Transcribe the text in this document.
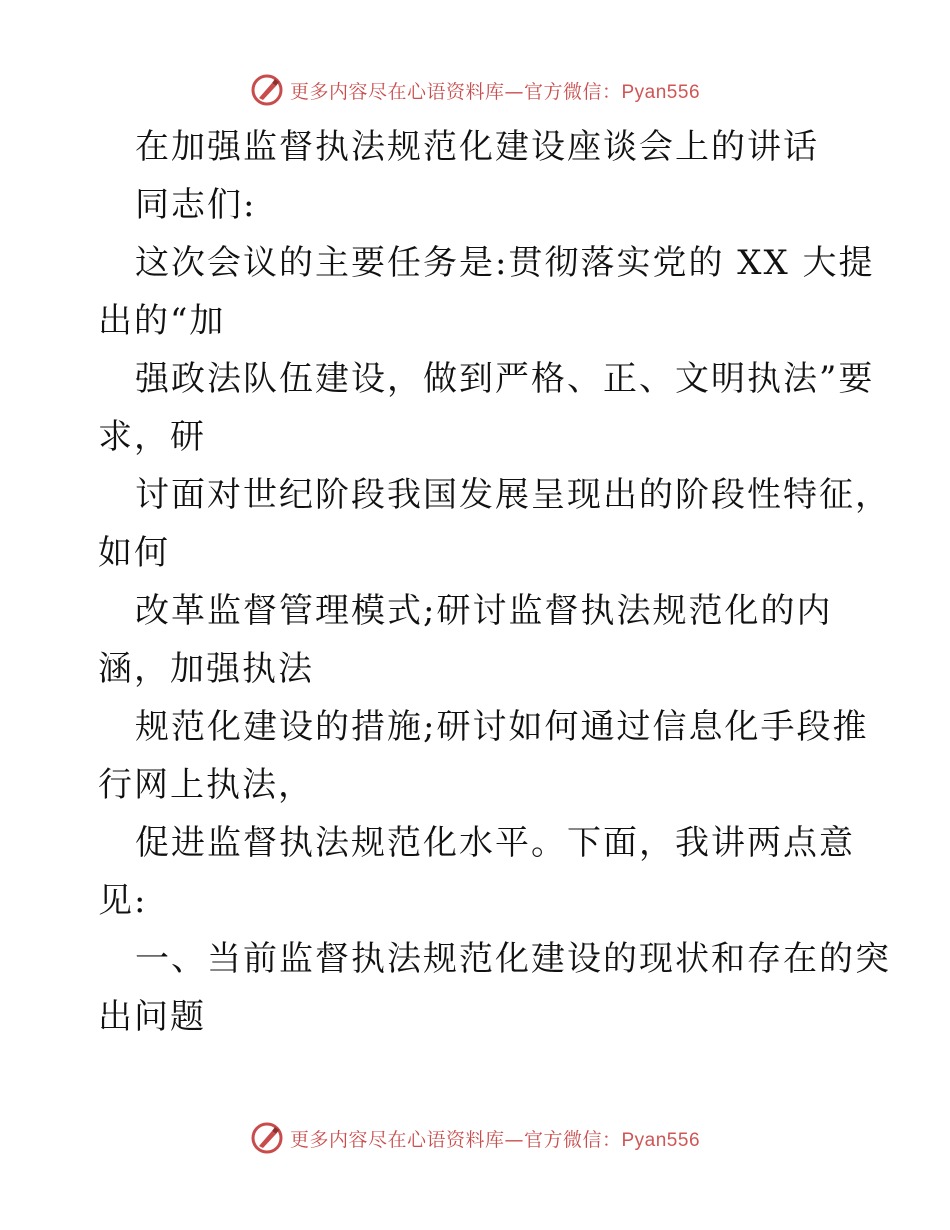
更多内容尽在心语资料库—官方微信：Pyan556
在加强监督执法规范化建设座谈会上的讲话
同志们:
这次会议的主要任务是:贯彻落实党的 XX 大提
出的“加
强政法队伍建设，做到严格、正、文明执法”要
求，研
讨面对世纪阶段我国发展呈现出的阶段性特征，
如何
改革监督管理模式;研讨监督执法规范化的内
涵，加强执法
规范化建设的措施;研讨如何通过信息化手段推
行网上执法，
促进监督执法规范化水平。下面，我讲两点意
见:
一、当前监督执法规范化建设的现状和存在的突
出问题
更多内容尽在心语资料库—官方微信：Pyan556
